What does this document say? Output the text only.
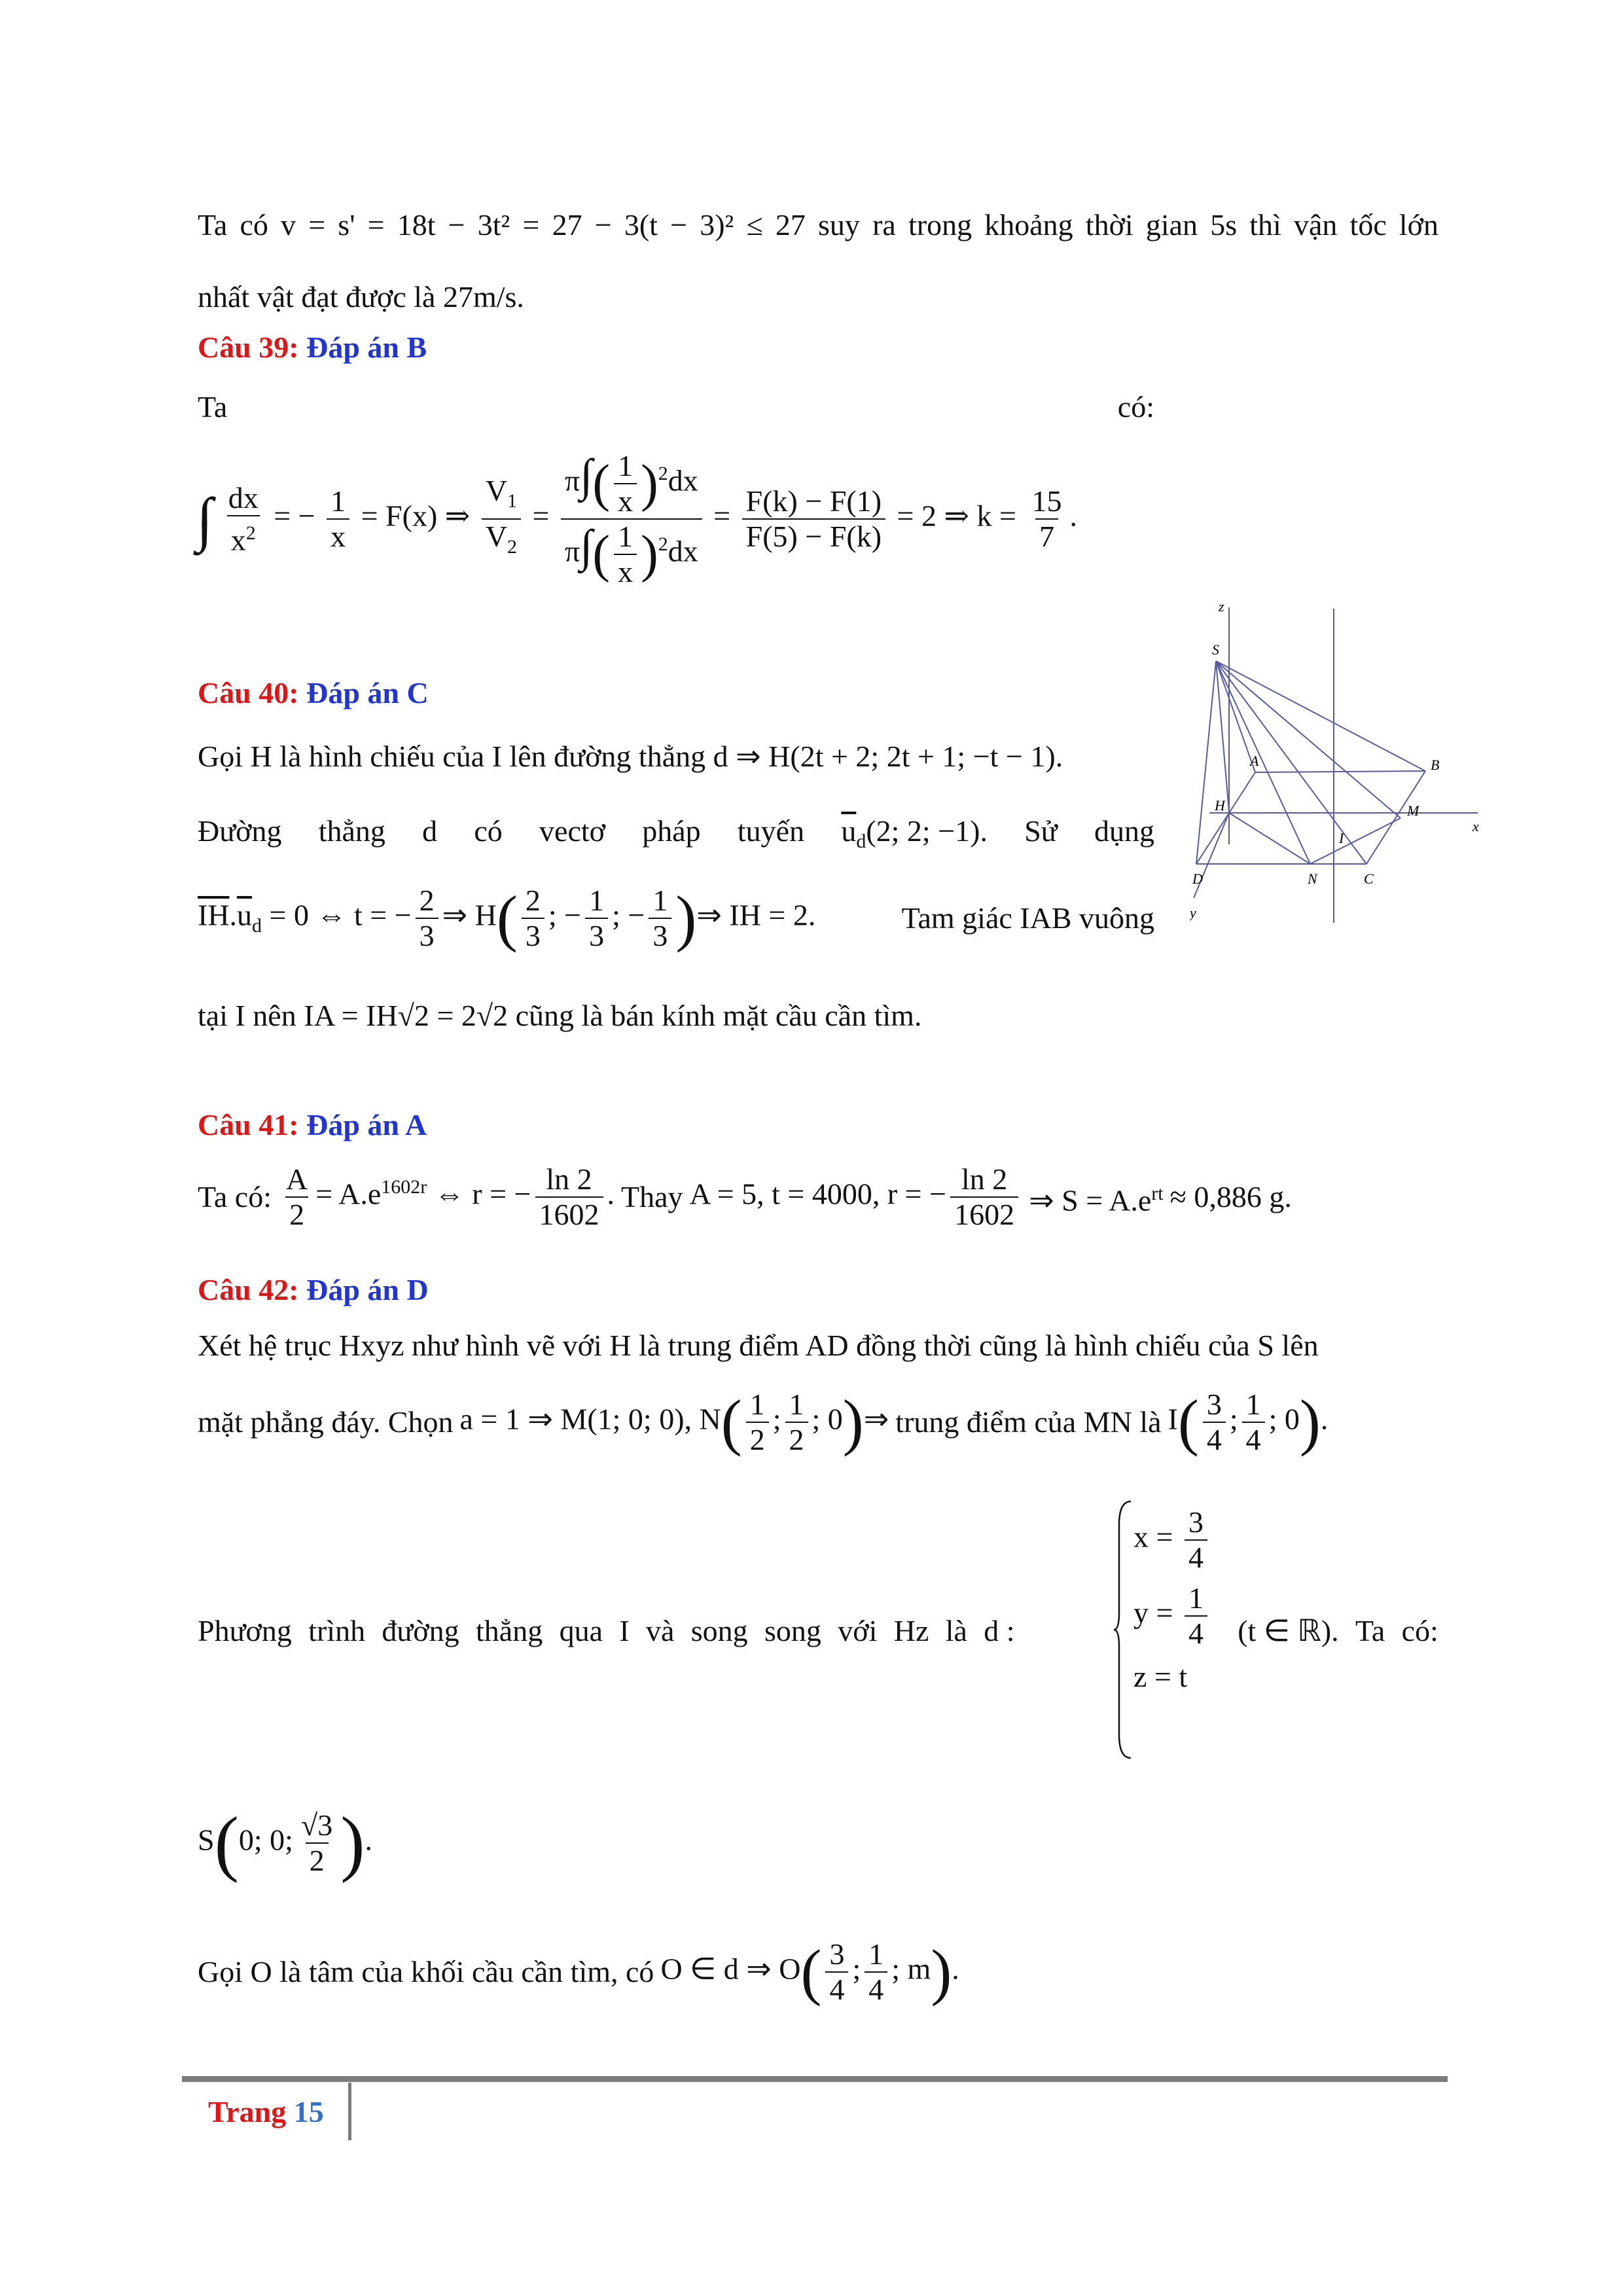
Ta có v = s' = 18t − 3t² = 27 − 3(t − 3)² ≤ 27 suy ra trong khoảng thời gian 5s thì vận tốc lớn
nhất vật đạt được là 27m/s.
Câu 39: Đáp án B
Ta	có:
∫ $\frac{dx}{x^2}$ = − $\frac{1}{x} = F(x)$ ⇒ $\frac{V_1}{V_2} = \frac{\pi\int( \frac{1}{x} )^2dx}{\pi\int( \frac{1}{x} )^2dx} = \frac{F(k) - F(1)}{F(5) - F(k)} = 2$ ⇒ $k = \frac{15}{7}$ .
z
S
A	B
H	M
x
I
D	N	C
y
Câu 40: Đáp án C
Gọi H là hình chiếu của I lên đường thẳng d ⇒ H(2t + 2; 2t + 1; −t − 1).
Đường thẳng d có vectơ pháp tuyến $\overline{u}_d(2$; 2; −1). Sử dụng
$\overline{IH}.\overline{u}_d = 0$ ⇔ t = − $\frac{2}{3}$ ⇒ $H( \frac{2}{3}$ ; − $\frac{1}{3}$ ; − $\frac{1}{3}$ )⇒ IH = 2.	Tam giác IAB vuông
tại I nên IA = IH√2 = 2√2 cũng là bán kính mặt cầu cần tìm.
Câu 41: Đáp án A
Ta có: $\frac{A}{2} = A.e^{1602r}$ ⇔ r = − $\frac{\ln 2}{1602}$ . Thay A = 5, t = 4000, r = − $\frac{\ln 2}{1602}$ ⇒ $S = A.e^{rt} \approx 0,886$ g.
Câu 42: Đáp án D
Xét hệ trục Hxyz như hình vẽ với H là trung điểm AD đồng thời cũng là hình chiếu của S lên
mặt phẳng đáy. Chọn a = 1 ⇒ M(1; 0; 0), $N( \frac{1}{2}$ ; $\frac{1}{2}$ ; 0)⇒ trung điểm của MN là $I( \frac{3}{4}$ ; $\frac{1}{4}$ ; 0).
Phương trình đường thẳng qua I và song song với Hz là d :	(t ∈ ℝ). Ta có:
$x = \frac{3}{4}$
$y = \frac{1}{4}$
z = t
S(0; 0; $\frac{√3}{2}$ ).
Gọi O là tâm của khối cầu cần tìm, có O ∈ d ⇒ $O( \frac{3}{4}$ ; $\frac{1}{4}$ ; m).
Trang 15
